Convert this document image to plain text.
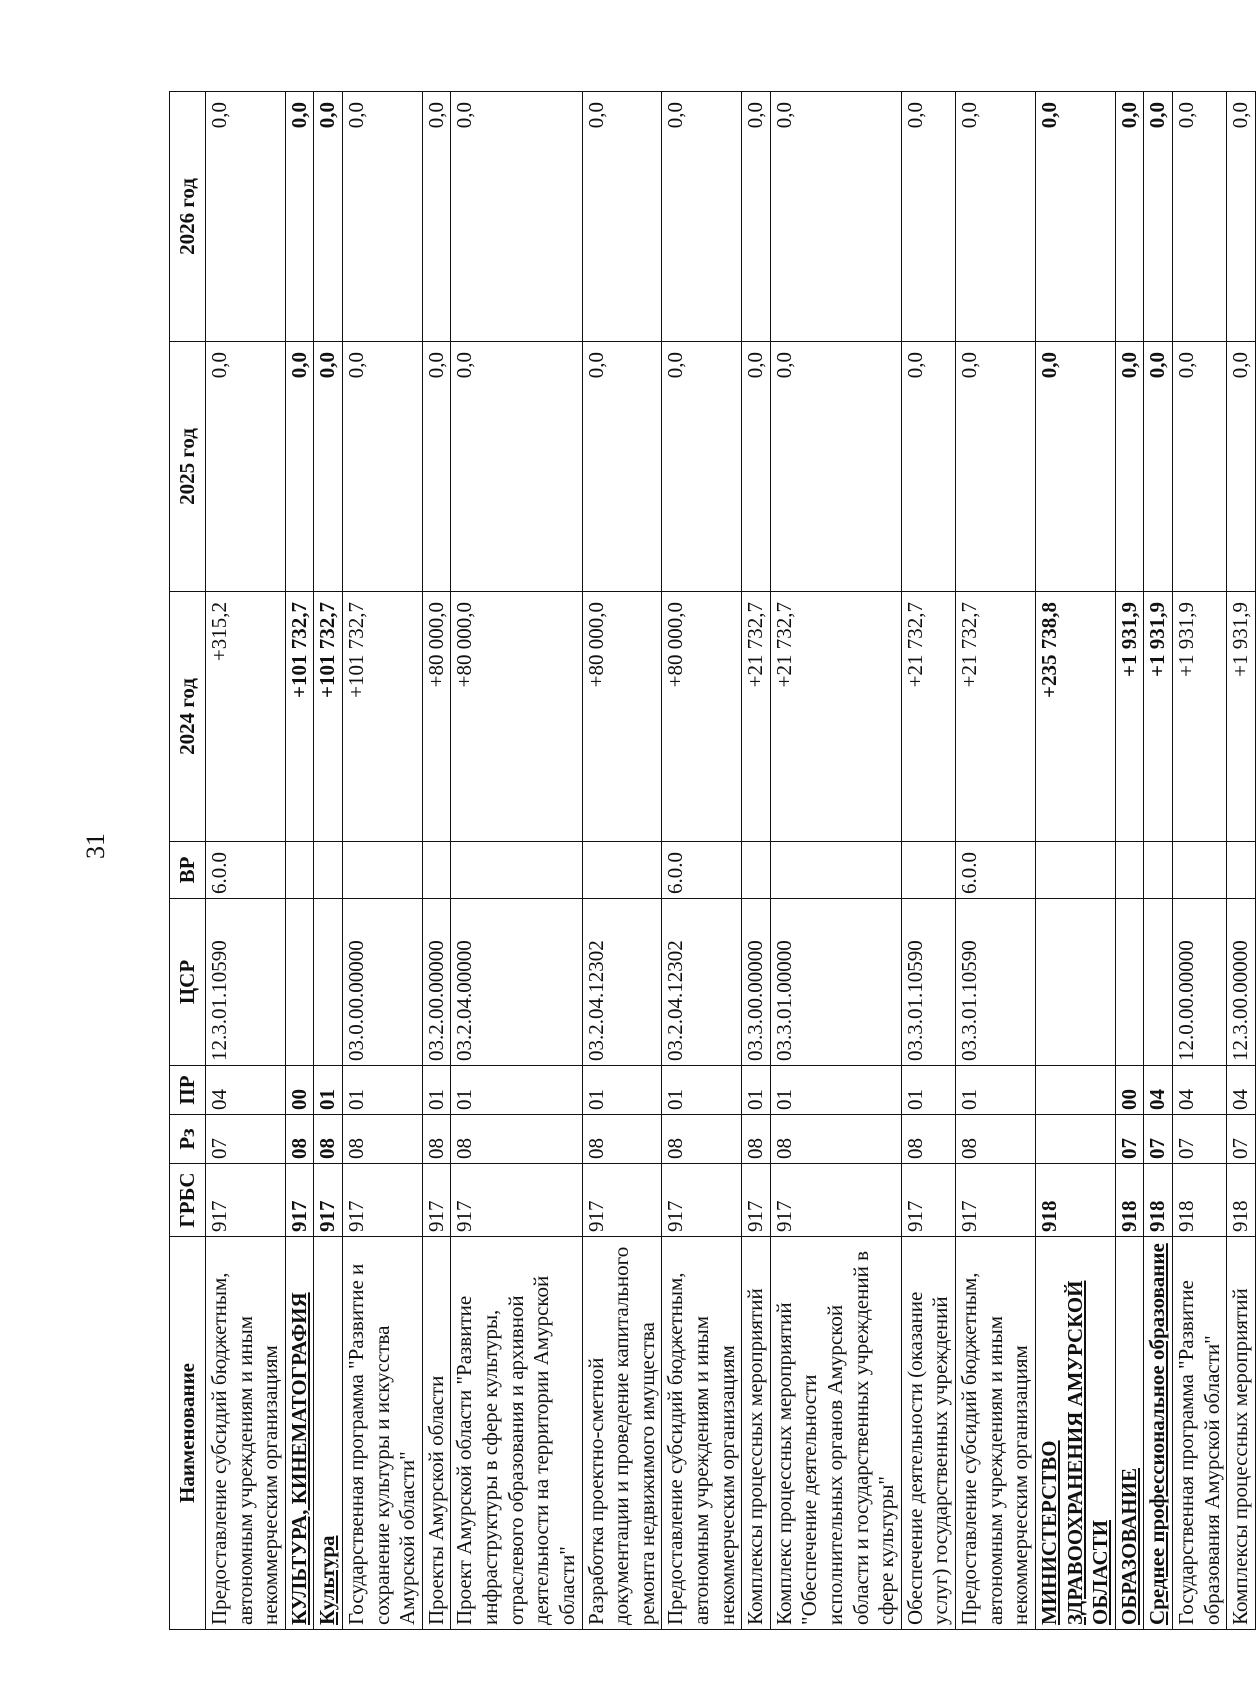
31
Наименование	ГРБС	Рз	ПР	ЦСР	ВР	2024 год	2025 год	2026 год
Предоставление субсидий бюджетным, автономным учреждениям и иным некоммерческим организациям	917	07	04	12.3.01.10590	6.0.0	+315,2	0,0	0,0
КУЛЬТУРА, КИНЕМАТОГРАФИЯ	917	08	00			+101 732,7	0,0	0,0
Культура	917	08	01			+101 732,7	0,0	0,0
Государственная программа "Развитие и сохранение культуры и искусства Амурской области"	917	08	01	03.0.00.00000		+101 732,7	0,0	0,0
Проекты Амурской области	917	08	01	03.2.00.00000		+80 000,0	0,0	0,0
Проект Амурской области "Развитие инфраструктуры в сфере культуры, отраслевого образования и архивной деятельности на территории Амурской области"	917	08	01	03.2.04.00000		+80 000,0	0,0	0,0
Разработка проектно-сметной документации и проведение капитального ремонта недвижимого имущества	917	08	01	03.2.04.12302		+80 000,0	0,0	0,0
Предоставление субсидий бюджетным, автономным учреждениям и иным некоммерческим организациям	917	08	01	03.2.04.12302	6.0.0	+80 000,0	0,0	0,0
Комплексы процессных мероприятий	917	08	01	03.3.00.00000		+21 732,7	0,0	0,0
Комплекс процессных мероприятий "Обеспечение деятельности исполнительных органов Амурской области и государственных учреждений в сфере культуры"	917	08	01	03.3.01.00000		+21 732,7	0,0	0,0
Обеспечение деятельности (оказание услуг) государственных учреждений	917	08	01	03.3.01.10590		+21 732,7	0,0	0,0
Предоставление субсидий бюджетным, автономным учреждениям и иным некоммерческим организациям	917	08	01	03.3.01.10590	6.0.0	+21 732,7	0,0	0,0
МИНИСТЕРСТВО ЗДРАВООХРАНЕНИЯ АМУРСКОЙ ОБЛАСТИ	918					+235 738,8	0,0	0,0
ОБРАЗОВАНИЕ	918	07	00			+1 931,9	0,0	0,0
Среднее профессиональное образование	918	07	04			+1 931,9	0,0	0,0
Государственная программа "Развитие образования Амурской области"	918	07	04	12.0.00.00000		+1 931,9	0,0	0,0
Комплексы процессных мероприятий	918	07	04	12.3.00.00000		+1 931,9	0,0	0,0
